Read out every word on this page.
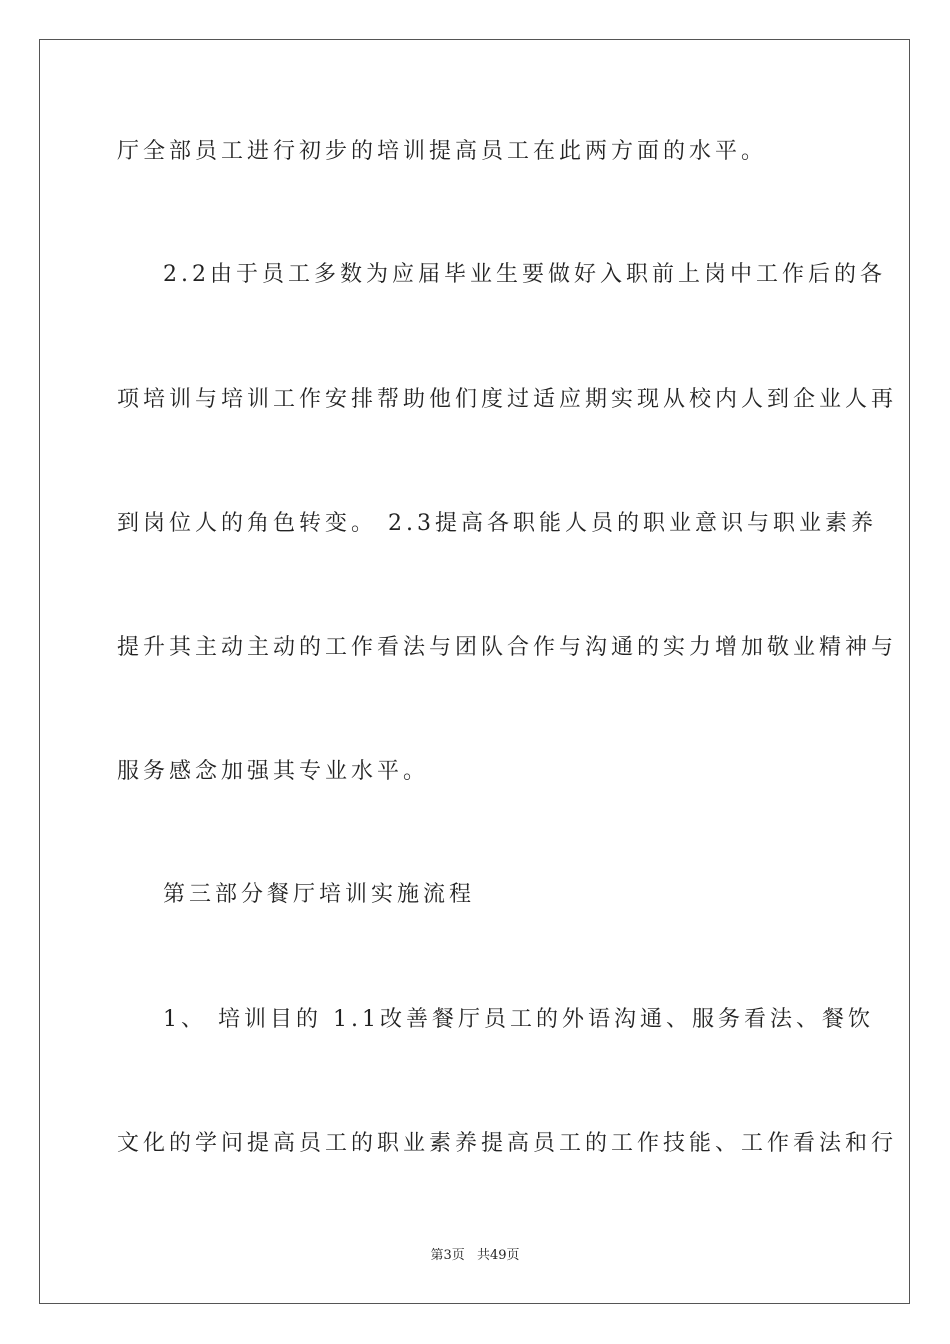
厅全部员工进行初步的培训提高员工在此两方面的水平。
2.2由于员工多数为应届毕业生要做好入职前上岗中工作后的各
项培训与培训工作安排帮助他们度过适应期实现从校内人到企业人再
到岗位人的角色转变。 2.3提高各职能人员的职业意识与职业素养
提升其主动主动的工作看法与团队合作与沟通的实力增加敬业精神与
服务感念加强其专业水平。
第三部分餐厅培训实施流程
1、 培训目的 1.1改善餐厅员工的外语沟通、服务看法、餐饮
文化的学问提高员工的职业素养提高员工的工作技能、工作看法和行
第3页 共49页
